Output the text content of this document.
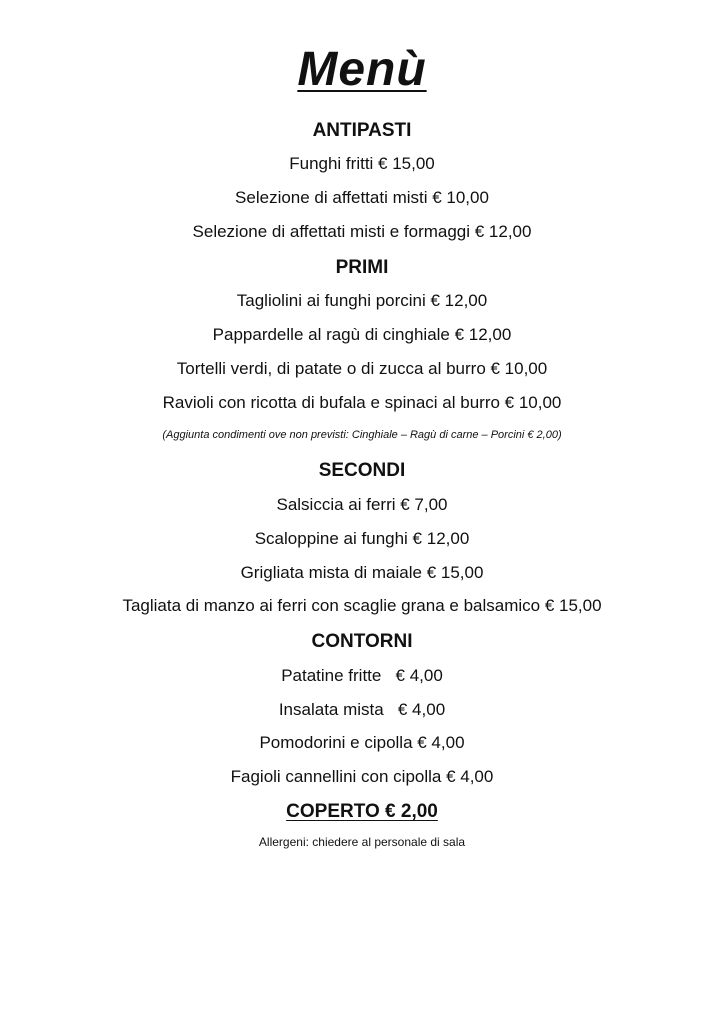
Menù
ANTIPASTI
Funghi fritti € 15,00
Selezione di affettati misti € 10,00
Selezione di affettati misti e formaggi € 12,00
PRIMI
Tagliolini ai funghi porcini € 12,00
Pappardelle al ragù di cinghiale € 12,00
Tortelli verdi, di patate o di zucca al burro € 10,00
Ravioli con ricotta di bufala e spinaci al burro € 10,00
(Aggiunta condimenti ove non previsti: Cinghiale – Ragù di carne – Porcini € 2,00)
SECONDI
Salsiccia ai ferri € 7,00
Scaloppine ai funghi € 12,00
Grigliata mista di maiale € 15,00
Tagliata di manzo ai ferri con scaglie grana e balsamico € 15,00
CONTORNI
Patatine fritte   € 4,00
Insalata mista   € 4,00
Pomodorini e cipolla € 4,00
Fagioli cannellini con cipolla € 4,00
COPERTO € 2,00
Allergeni: chiedere al personale di sala
